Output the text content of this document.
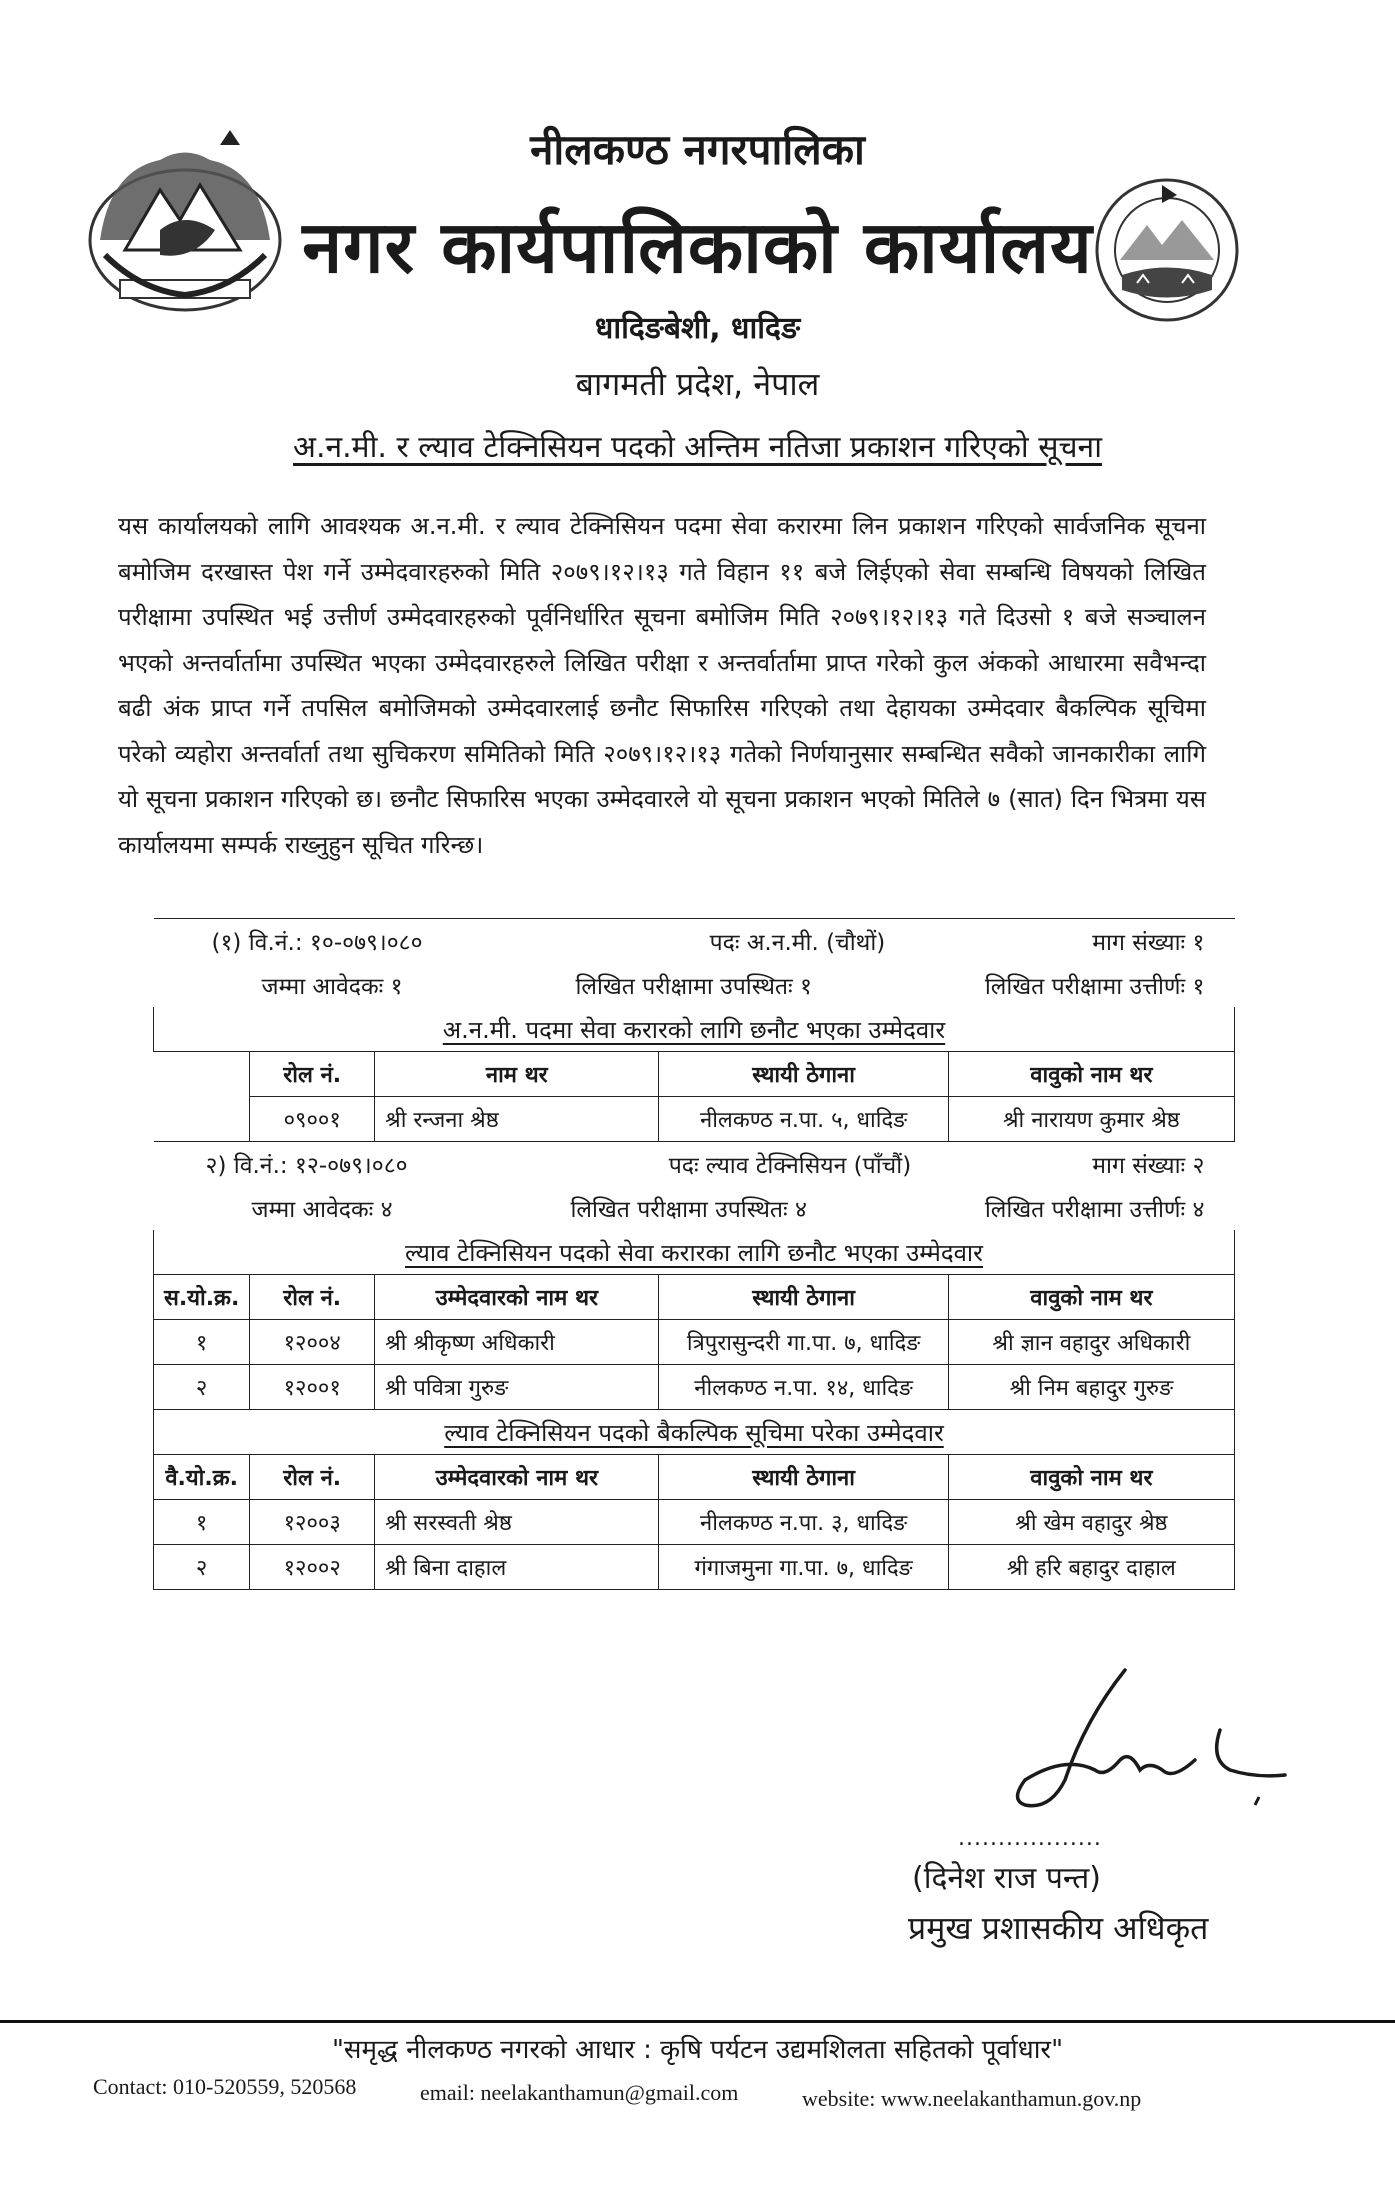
नीलकण्ठ नगरपालिका
नगर कार्यपालिकाको कार्यालय
धादिङबेशी, धादिङ
बागमती प्रदेश, नेपाल
अ.न.मी. र ल्याव टेक्निसियन पदको अन्तिम नतिजा प्रकाशन गरिएको सूचना
यस कार्यालयको लागि आवश्यक अ.न.मी. र ल्याव टेक्निसियन पदमा सेवा करारमा लिन प्रकाशन गरिएको सार्वजनिक सूचना बमोजिम दरखास्त पेश गर्ने उम्मेदवारहरुको मिति २०७९।१२।१३ गते विहान ११ बजे लिईएको सेवा सम्बन्धि विषयको लिखित परीक्षामा उपस्थित भई उत्तीर्ण उम्मेदवारहरुको पूर्वनिर्धारित सूचना बमोजिम मिति २०७९।१२।१३ गते दिउसो १ बजे सञ्चालन भएको अन्तर्वार्तामा उपस्थित भएका उम्मेदवारहरुले लिखित परीक्षा र अन्तर्वार्तामा प्राप्त गरेको कुल अंकको आधारमा सवैभन्दा बढी अंक प्राप्त गर्ने तपसिल बमोजिमको उम्मेदवारलाई छनौट सिफारिस गरिएको तथा देहायका उम्मेदवार बैकल्पिक सूचिमा परेको व्यहोरा अन्तर्वार्ता तथा सुचिकरण समितिको मिति २०७९।१२।१३ गतेको निर्णयानुसार सम्बन्धित सवैको जानकारीका लागि यो सूचना प्रकाशन गरिएको छ। छनौट सिफारिस भएका उम्मेदवारले यो सूचना प्रकाशन भएको मितिले ७ (सात) दिन भित्रमा यस कार्यालयमा सम्पर्क राख्नुहुन सूचित गरिन्छ।
(१) वि.नं.: १०-०७९।०८० पदः अ.न.मी. (चौथों) माग संख्याः १				

जम्मा आवेदकः १ लिखित परीक्षामा उपस्थितः १ लिखित परीक्षामा उत्तीर्णः १				

अ.न.मी. पदमा सेवा करारको लागि छनौट भएका उम्मेदवार				
	रोल नं.	नाम थर	स्थायी ठेगाना	वावुको नाम थर
	०९००१	श्री रन्जना श्रेष्ठ	नीलकण्ठ न.पा. ५, धादिङ	श्री नारायण कुमार श्रेष्ठ

२) वि.नं.: १२-०७९।०८० पदः ल्याव टेक्निसियन (पाँचौं) माग संख्याः २				

जम्मा आवेदकः ४ लिखित परीक्षामा उपस्थितः ४ लिखित परीक्षामा उत्तीर्णः ४				

ल्याव टेक्निसियन पदको सेवा करारका लागि छनौट भएका उम्मेदवार				
स.यो.क्र.	रोल नं.	उम्मेदवारको नाम थर	स्थायी ठेगाना	वावुको नाम थर
१	१२००४	श्री श्रीकृष्ण अधिकारी	त्रिपुरासुन्दरी गा.पा. ७, धादिङ	श्री ज्ञान वहादुर अधिकारी
२	१२००१	श्री पवित्रा गुरुङ	नीलकण्ठ न.पा. १४, धादिङ	श्री निम बहादुर गुरुङ
ल्याव टेक्निसियन पदको बैकल्पिक सूचिमा परेका उम्मेदवार				
वै.यो.क्र.	रोल नं.	उम्मेदवारको नाम थर	स्थायी ठेगाना	वावुको नाम थर
१	१२००३	श्री सरस्वती श्रेष्ठ	नीलकण्ठ न.पा. ३, धादिङ	श्री खेम वहादुर श्रेष्ठ
२	१२००२	श्री बिना दाहाल	गंगाजमुना गा.पा. ७, धादिङ	श्री हरि बहादुर दाहाल
..................
(दिनेश राज पन्त)
प्रमुख प्रशासकीय अधिकृत
"समृद्ध नीलकण्ठ नगरको आधार : कृषि पर्यटन उद्यमशिलता सहितको पूर्वाधार"
Contact: 010-520559, 520568	email: neelakanthamun@gmail.com	website: www.neelakanthamun.gov.np
